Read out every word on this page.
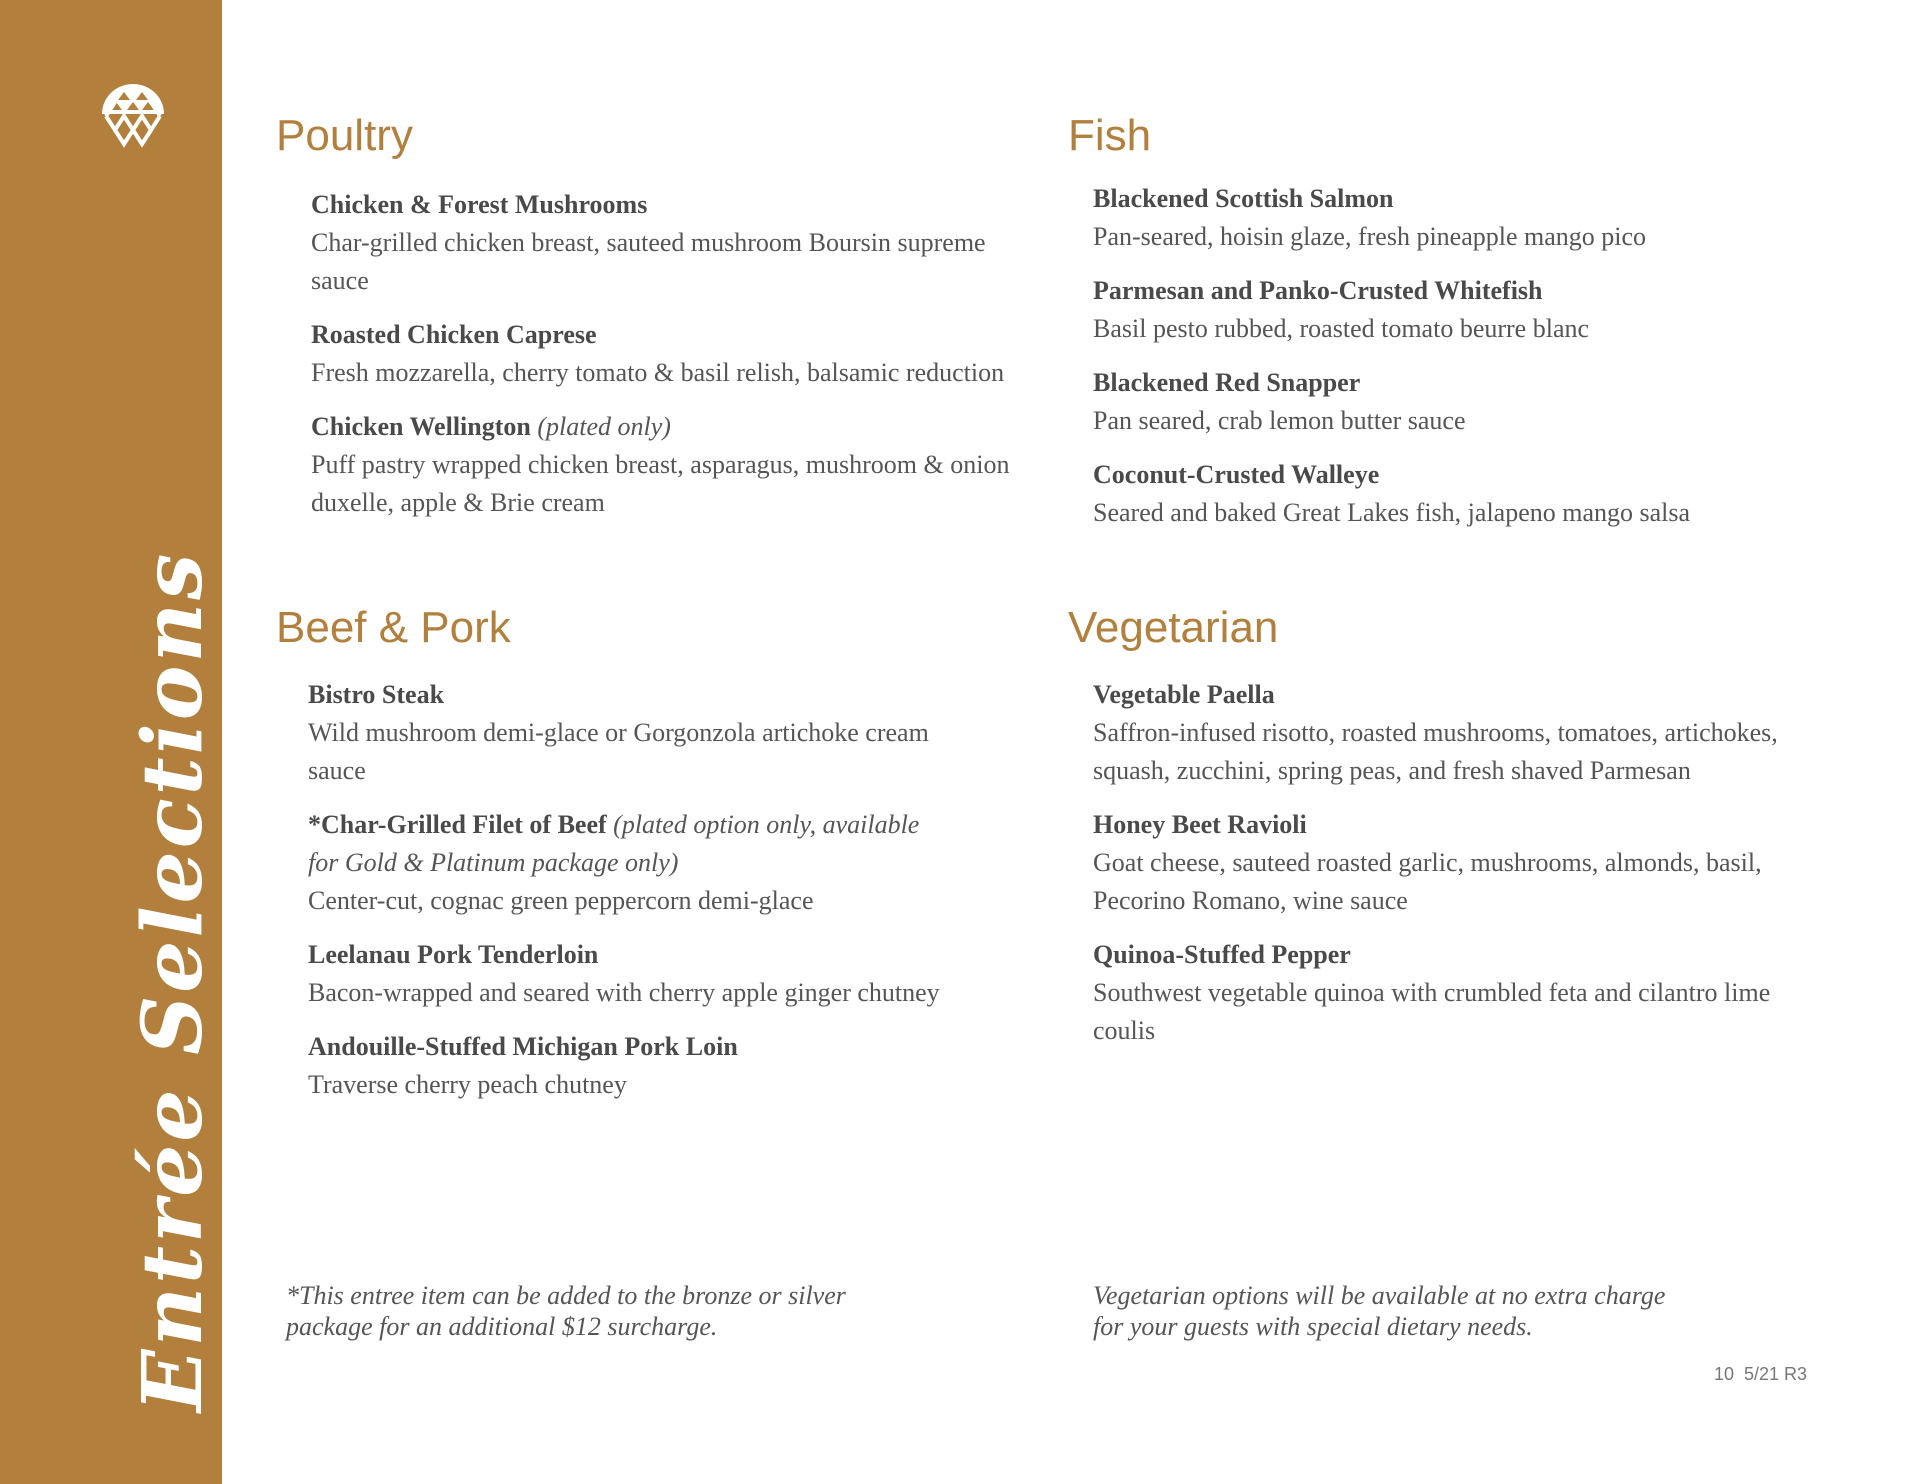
Entrée Selections
Poultry
Chicken & Forest Mushrooms
Char-grilled chicken breast, sauteed mushroom Boursin supreme sauce
Roasted Chicken Caprese
Fresh mozzarella, cherry tomato & basil relish, balsamic reduction
Chicken Wellington (plated only)
Puff pastry wrapped chicken breast, asparagus, mushroom & onion duxelle, apple & Brie cream
Fish
Blackened Scottish Salmon
Pan-seared, hoisin glaze, fresh pineapple mango pico
Parmesan and Panko-Crusted Whitefish
Basil pesto rubbed, roasted tomato beurre blanc
Blackened Red Snapper
Pan seared, crab lemon butter sauce
Coconut-Crusted Walleye
Seared and baked Great Lakes fish, jalapeno mango salsa
Beef & Pork
Bistro Steak
Wild mushroom demi-glace or Gorgonzola artichoke cream sauce
*Char-Grilled Filet of Beef (plated option only, available for Gold & Platinum package only)
Center-cut, cognac green peppercorn demi-glace
Leelanau Pork Tenderloin
Bacon-wrapped and seared with cherry apple ginger chutney
Andouille-Stuffed Michigan Pork Loin
Traverse cherry peach chutney
Vegetarian
Vegetable Paella
Saffron-infused risotto, roasted mushrooms, tomatoes, artichokes, squash, zucchini, spring peas, and fresh shaved Parmesan
Honey Beet Ravioli
Goat cheese, sauteed roasted garlic, mushrooms, almonds, basil, Pecorino Romano, wine sauce
Quinoa-Stuffed Pepper
Southwest vegetable quinoa with crumbled feta and cilantro lime coulis
*This entree item can be added to the bronze or silver package for an additional $12 surcharge.
Vegetarian options will be available at no extra charge for your guests with special dietary needs.
10  5/21 R3
